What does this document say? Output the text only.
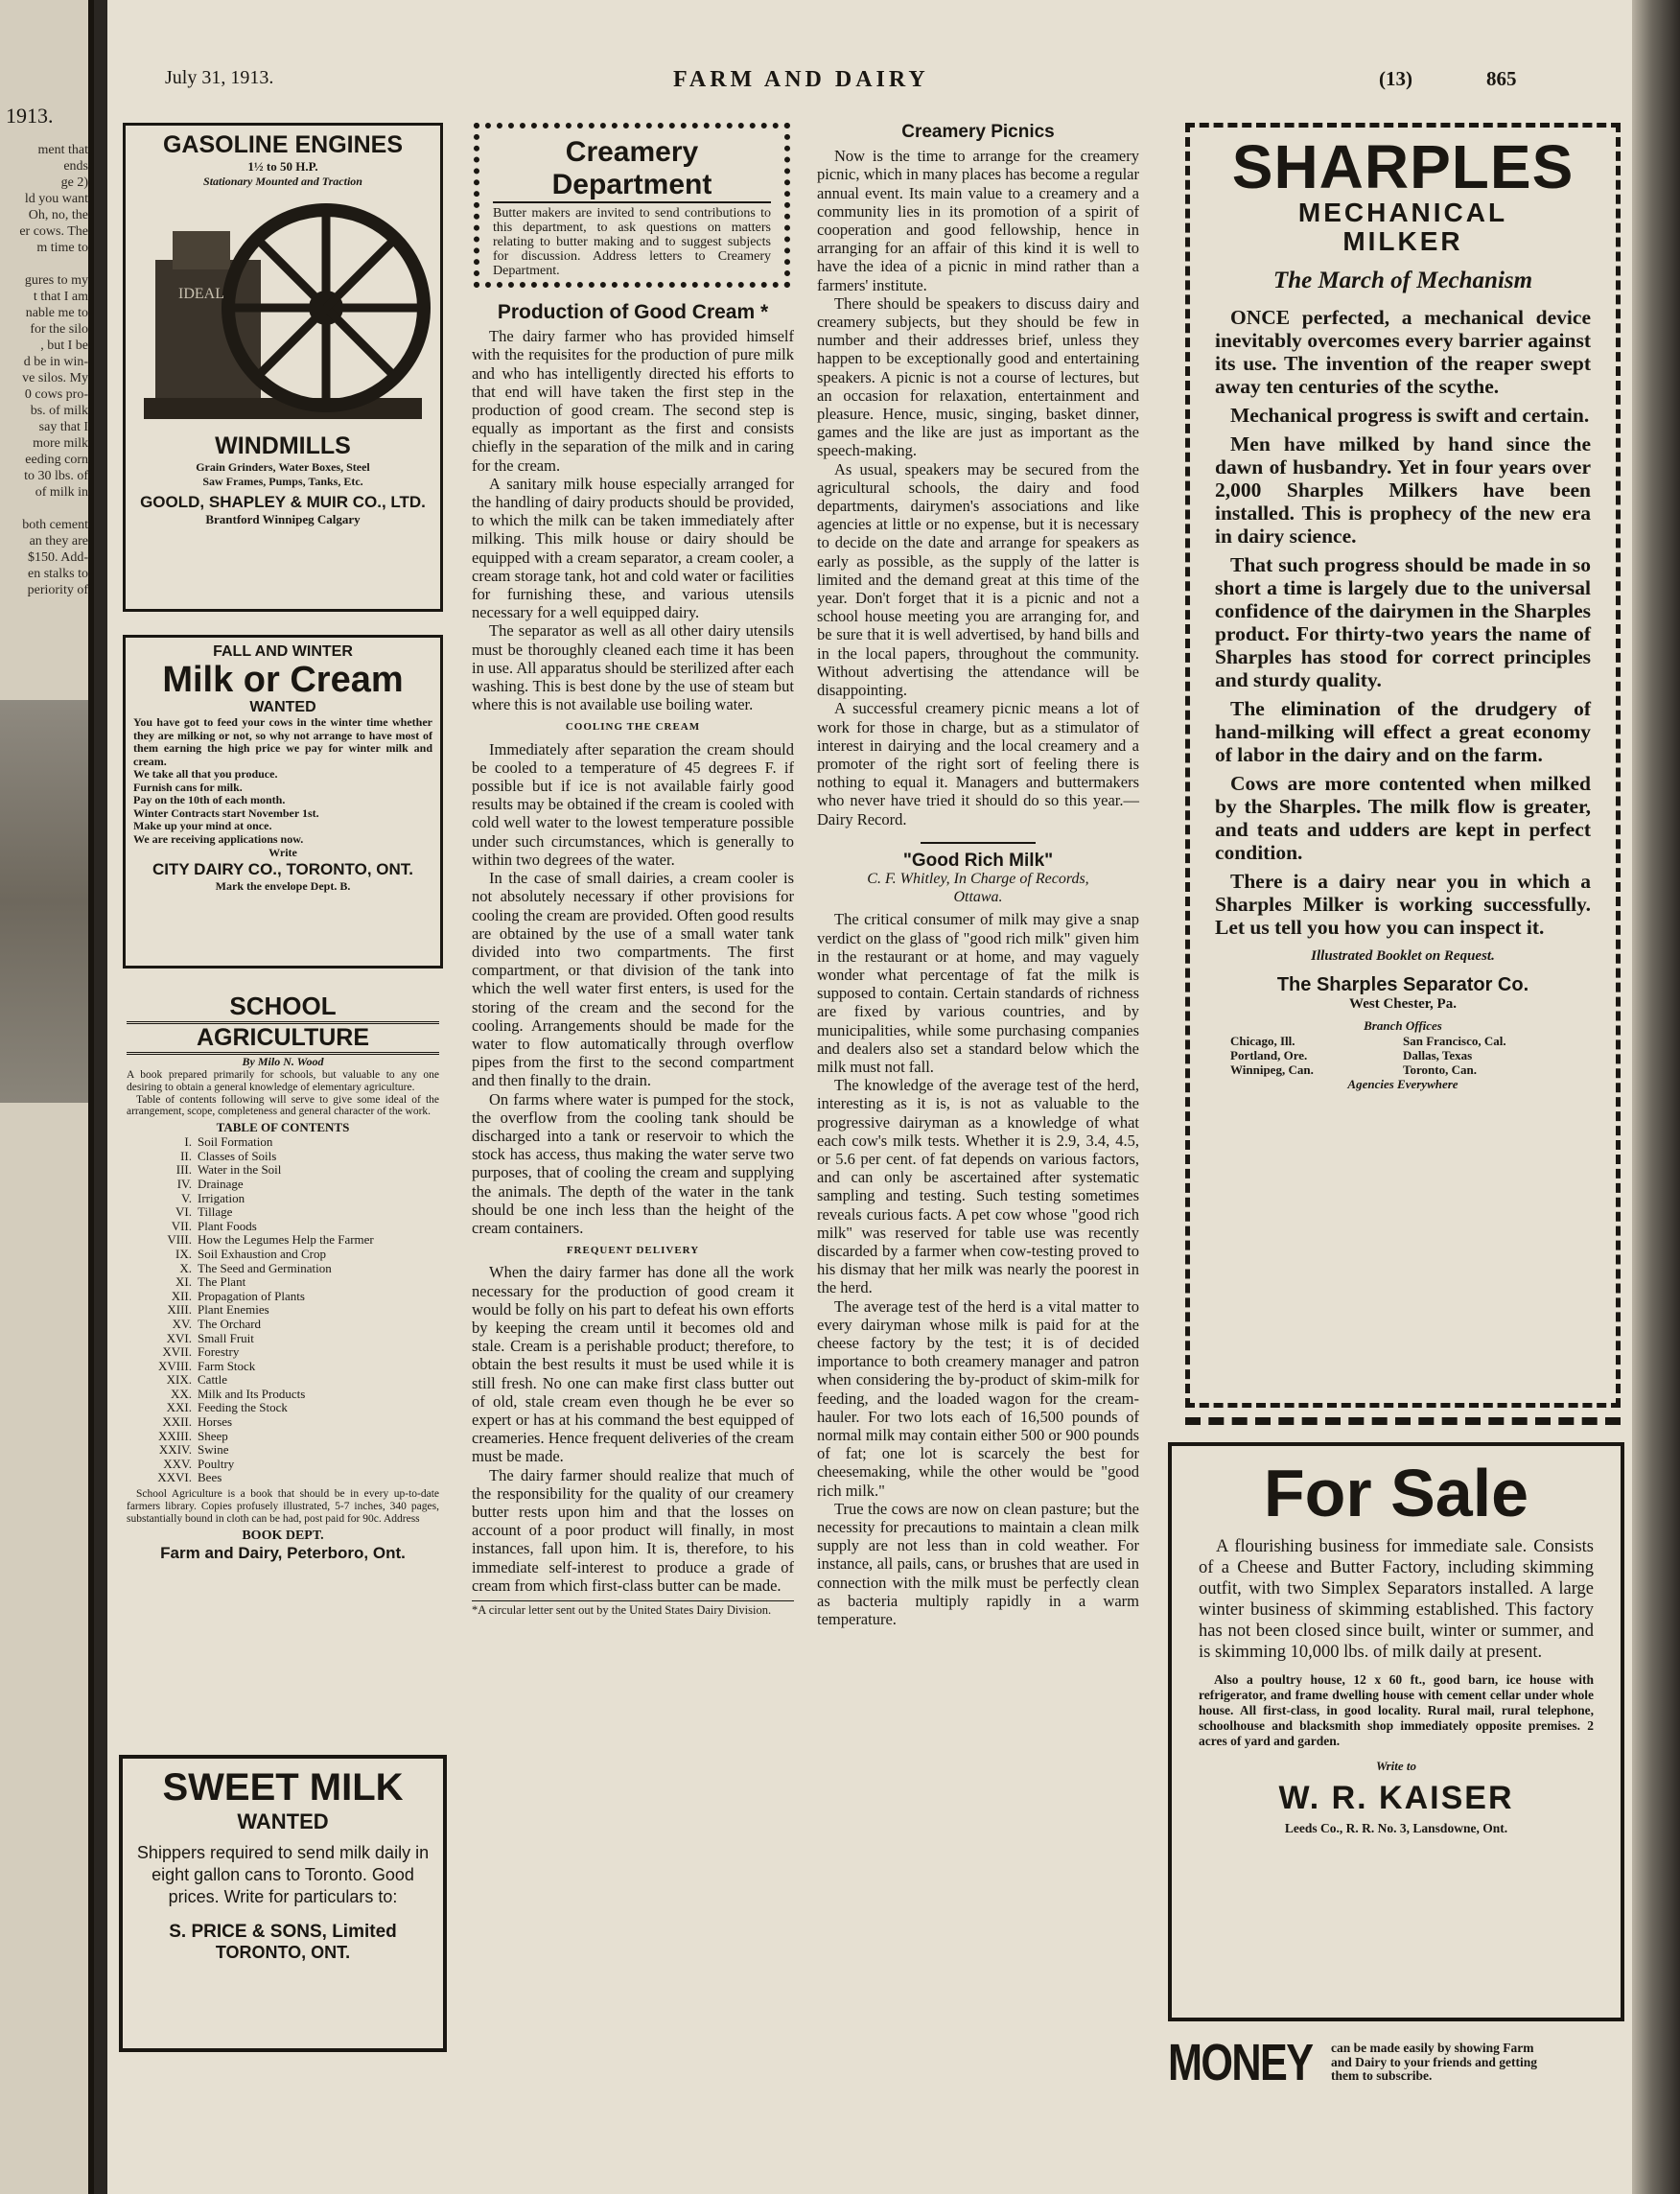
ment that
ends
ge 2)
ld you want
Oh, no, the
er cows. The
m time to
gures to my
t that I am
nable me to
for the silo
, but I be
d be in win-
ve silos. My
0 cows pro-
bs. of milk
say that I
more milk
eeding corn
to 30 lbs. of
of milk in
both cement
an they are
$150. Add-
en stalks to
periority of
1913.
July 31, 1913.	FARM AND DAIRY	(13)	865
GASOLINE ENGINES
1½ to 50 H.P.
Stationary Mounted and Traction
IDEAL
WINDMILLS
Grain Grinders, Water Boxes, Steel
Saw Frames, Pumps, Tanks, Etc.
GOOLD, SHAPLEY & MUIR CO., LTD.
Brantford Winnipeg Calgary
FALL AND WINTER
Milk or Cream
WANTED
You have got to feed your cows in the winter time whether they are milking or not, so why not arrange to have most of them earning the high price we pay for winter milk and cream.
We take all that you produce.
Furnish cans for milk.
Pay on the 10th of each month.
Winter Contracts start November 1st.
Make up your mind at once.
We are receiving applications now.
Write
CITY DAIRY CO., TORONTO, ONT.
Mark the envelope Dept. B.
SCHOOL
AGRICULTURE
By Milo N. Wood
A book prepared primarily for schools, but valuable to any one desiring to obtain a general knowledge of elementary agriculture.
Table of contents following will serve to give some ideal of the arrangement, scope, completeness and general character of the work.
TABLE OF CONTENTS
I. Soil Formation
II. Classes of Soils
III. Water in the Soil
IV. Drainage
V. Irrigation
VI. Tillage
VII. Plant Foods
VIII. How the Legumes Help the Farmer
IX. Soil Exhaustion and Crop
X. The Seed and Germination
XI. The Plant
XII. Propagation of Plants
XIII. Plant Enemies
XV. The Orchard
XVI. Small Fruit
XVII. Forestry
XVIII. Farm Stock
XIX. Cattle
XX. Milk and Its Products
XXI. Feeding the Stock
XXII. Horses
XXIII. Sheep
XXIV. Swine
XXV. Poultry
XXVI. Bees
School Agriculture is a book that should be in every up-to-date farmers library. Copies profusely illustrated, 5-7 inches, 340 pages, substantially bound in cloth can be had, post paid for 90c. Address
BOOK DEPT.
Farm and Dairy, Peterboro, Ont.
SWEET MILK
WANTED
Shippers required to send milk daily in eight gallon cans to Toronto. Good prices. Write for particulars to:
S. PRICE & SONS, Limited
TORONTO, ONT.
Creamery Department
Butter makers are invited to send contributions to this department, to ask questions on matters relating to butter making and to suggest subjects for discussion. Address letters to Creamery Department.
Production of Good Cream *

The dairy farmer who has provided himself with the requisites for the production of pure milk and who has intelligently directed his efforts to that end will have taken the first step in the production of good cream. The second step is equally as important as the first and consists chiefly in the separation of the milk and in caring for the cream.

A sanitary milk house especially arranged for the handling of dairy products should be provided, to which the milk can be taken immediately after milking. This milk house or dairy should be equipped with a cream separator, a cream cooler, a cream storage tank, hot and cold water or facilities for furnishing these, and various utensils necessary for a well equipped dairy.

The separator as well as all other dairy utensils must be thoroughly cleaned each time it has been in use. All apparatus should be sterilized after each washing. This is best done by the use of steam but where this is not available use boiling water.

COOLING THE CREAM

Immediately after separation the cream should be cooled to a temperature of 45 degrees F. if possible but if ice is not available fairly good results may be obtained if the cream is cooled with cold well water to the lowest temperature possible under such circumstances, which is generally to within two degrees of the water.

In the case of small dairies, a cream cooler is not absolutely necessary if other provisions for cooling the cream are provided. Often good results are obtained by the use of a small water tank divided into two compartments. The first compartment, or that division of the tank into which the well water first enters, is used for the storing of the cream and the second for the cooling. Arrangements should be made for the water to flow automatically through overflow pipes from the first to the second compartment and then finally to the drain.

On farms where water is pumped for the stock, the overflow from the cooling tank should be discharged into a tank or reservoir to which the stock has access, thus making the water serve two purposes, that of cooling the cream and supplying the animals. The depth of the water in the tank should be one inch less than the height of the cream containers.

FREQUENT DELIVERY

When the dairy farmer has done all the work necessary for the production of good cream it would be folly on his part to defeat his own efforts by keeping the cream until it becomes old and stale. Cream is a perishable product; therefore, to obtain the best results it must be used while it is still fresh. No one can make first class butter out of old, stale cream even though he be ever so expert or has at his command the best equipped of creameries. Hence frequent deliveries of the cream must be made.

The dairy farmer should realize that much of the responsibility for the quality of our creamery butter rests upon him and that the losses on account of a poor product will finally, in most instances, fall upon him. It is, therefore, to his immediate self-interest to produce a grade of cream from which first-class butter can be made.

*A circular letter sent out by the United States Dairy Division.
Creamery Picnics

Now is the time to arrange for the creamery picnic, which in many places has become a regular annual event. Its main value to a creamery and a community lies in its promotion of a spirit of cooperation and good fellowship, hence in arranging for an affair of this kind it is well to have the idea of a picnic in mind rather than a farmers' institute.

There should be speakers to discuss dairy and creamery subjects, but they should be few in number and their addresses brief, unless they happen to be exceptionally good and entertaining speakers. A picnic is not a course of lectures, but an occasion for relaxation, entertainment and pleasure. Hence, music, singing, basket dinner, games and the like are just as important as the speech-making.

As usual, speakers may be secured from the agricultural schools, the dairy and food departments, dairymen's associations and like agencies at little or no expense, but it is necessary to decide on the date and arrange for speakers as early as possible, as the supply of the latter is limited and the demand great at this time of the year. Don't forget that it is a picnic and not a school house meeting you are arranging for, and be sure that it is well advertised, by hand bills and in the local papers, throughout the community. Without advertising the attendance will be disappointing.

A successful creamery picnic means a lot of work for those in charge, but as a stimulator of interest in dairying and the local creamery and a promoter of the right sort of feeling there is nothing to equal it. Managers and buttermakers who never have tried it should do so this year.—Dairy Record.

"Good Rich Milk"
C. F. Whitley, In Charge of Records,
Ottawa.

The critical consumer of milk may give a snap verdict on the glass of "good rich milk" given him in the restaurant or at home, and may vaguely wonder what percentage of fat the milk is supposed to contain. Certain standards of richness are fixed by various countries, and by municipalities, while some purchasing companies and dealers also set a standard below which the milk must not fall.

The knowledge of the average test of the herd, interesting as it is, is not as valuable to the progressive dairyman as a knowledge of what each cow's milk tests. Whether it is 2.9, 3.4, 4.5, or 5.6 per cent. of fat depends on various factors, and can only be ascertained after systematic sampling and testing. Such testing sometimes reveals curious facts. A pet cow whose "good rich milk" was reserved for table use was recently discarded by a farmer when cow-testing proved to his dismay that her milk was nearly the poorest in the herd.

The average test of the herd is a vital matter to every dairyman whose milk is paid for at the cheese factory by the test; it is of decided importance to both creamery manager and patron when considering the by-product of skim-milk for feeding, and the loaded wagon for the cream-hauler. For two lots each of 16,500 pounds of normal milk may contain either 500 or 900 pounds of fat; one lot is scarcely the best for cheesemaking, while the other would be "good rich milk."

True the cows are now on clean pasture; but the necessity for precautions to maintain a clean milk supply are not less than in cold weather. For instance, all pails, cans, or brushes that are used in connection with the milk must be perfectly clean as bacteria multiply rapidly in a warm temperature.

SHARPLES
MECHANICAL
MILKER
The March of Mechanism

ONCE perfected, a mechanical device inevitably overcomes every barrier against its use. The invention of the reaper swept away ten centuries of the scythe.

Mechanical progress is swift and certain.

Men have milked by hand since the dawn of husbandry. Yet in four years over 2,000 Sharples Milkers have been installed. This is prophecy of the new era in dairy science.

That such progress should be made in so short a time is largely due to the universal confidence of the dairymen in the Sharples product. For thirty-two years the name of Sharples has stood for correct principles and sturdy quality.

The elimination of the drudgery of hand-milking will effect a great economy of labor in the dairy and on the farm.

Cows are more contented when milked by the Sharples. The milk flow is greater, and teats and udders are kept in perfect condition.

There is a dairy near you in which a Sharples Milker is working successfully. Let us tell you how you can inspect it.

Illustrated Booklet on Request.
The Sharples Separator Co.
West Chester, Pa.
Branch Offices
Chicago, Ill.	San Francisco, Cal.
Portland, Ore.	Dallas, Texas
Winnipeg, Can.	Toronto, Can.
Agencies Everywhere
For Sale
A flourishing business for immediate sale. Consists of a Cheese and Butter Factory, including skimming outfit, with two Simplex Separators installed. A large winter business of skimming established. This factory has not been closed since built, winter or summer, and is skimming 10,000 lbs. of milk daily at present.
Also a poultry house, 12 x 60 ft., good barn, ice house with refrigerator, and frame dwelling house with cement cellar under whole house. All first-class, in good locality. Rural mail, rural telephone, schoolhouse and blacksmith shop immediately opposite premises. 2 acres of yard and garden.
Write to
W. R. KAISER
Leeds Co., R. R. No. 3, Lansdowne, Ont.
MONEY can be made easily by showing Farm and Dairy to your friends and getting them to subscribe.
